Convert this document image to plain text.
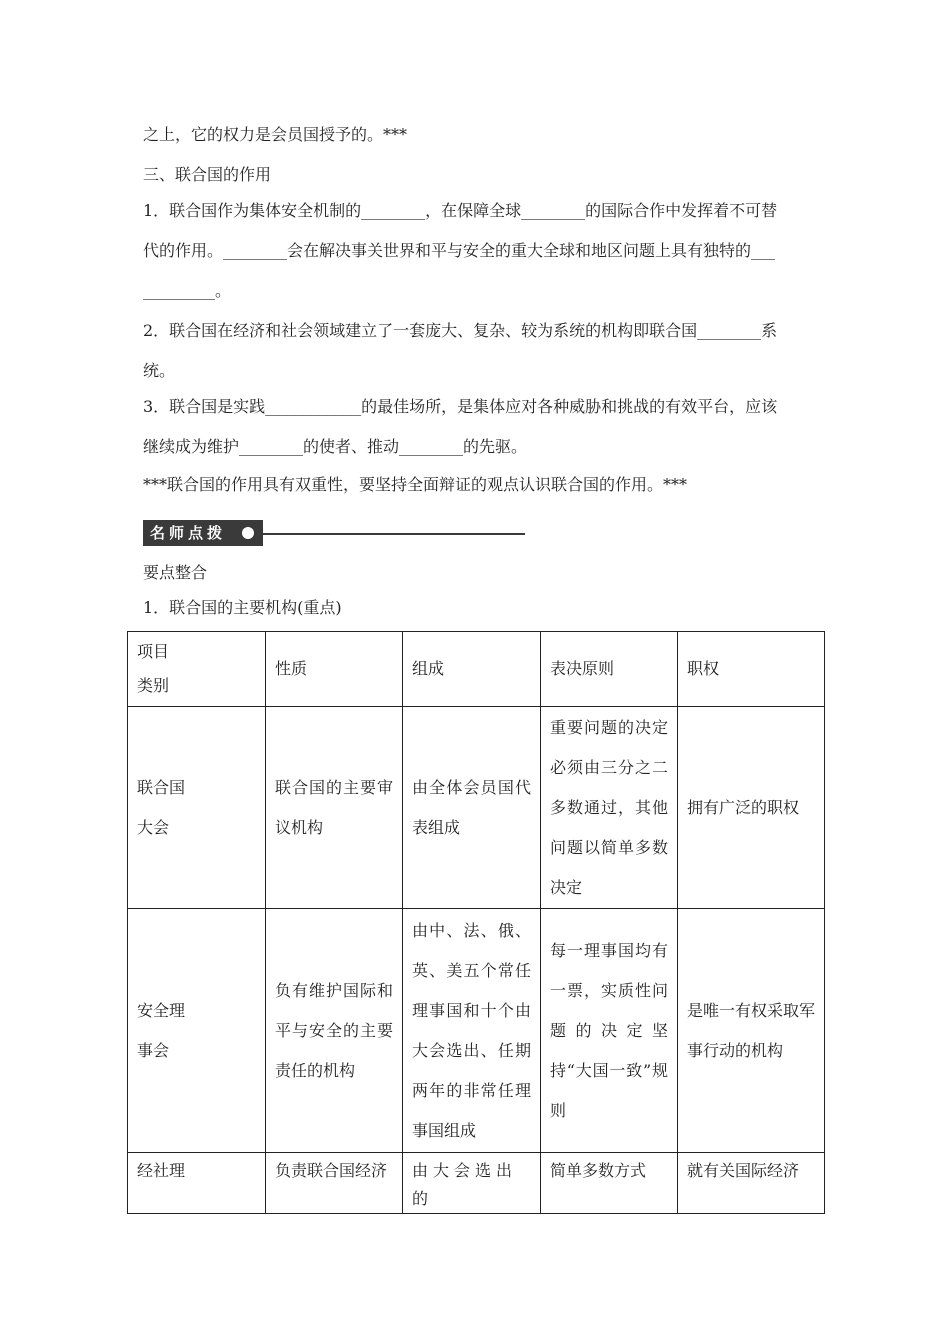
之上，它的权力是会员国授予的。***
三、联合国的作用
1．联合国作为集体安全机制的________，在保障全球________的国际合作中发挥着不可替
代的作用。________会在解决事关世界和平与安全的重大全球和地区问题上具有独特的___
_________。
2．联合国在经济和社会领域建立了一套庞大、复杂、较为系统的机构即联合国________系
统。
3．联合国是实践____________的最佳场所，是集体应对各种威胁和挑战的有效平台，应该
继续成为维护________的使者、推动________的先驱。
***联合国的作用具有双重性，要坚持全面辩证的观点认识联合国的作用。***
名师点拨
要点整合
1．联合国的主要机构(重点)
项目
类别	性质	组成	表决原则	职权

联合国
大会	联合国的主要审议机构	由全体会员国代表组成	重要问题的决定必须由三分之二多数通过，其他问题以简单多数决定	拥有广泛的职权

安全理
事会	负有维护国际和平与安全的主要责任的机构	由中、法、俄、英、美五个常任理事国和十个由大会选出、任期两年的非常任理事国组成	每一理事国均有一票，实质性问题的决定坚持“大国一致”规则	是唯一有权采取军事行动的机构
经社理	负责联合国经济	由大会选出的	简单多数方式	就有关国际经济
